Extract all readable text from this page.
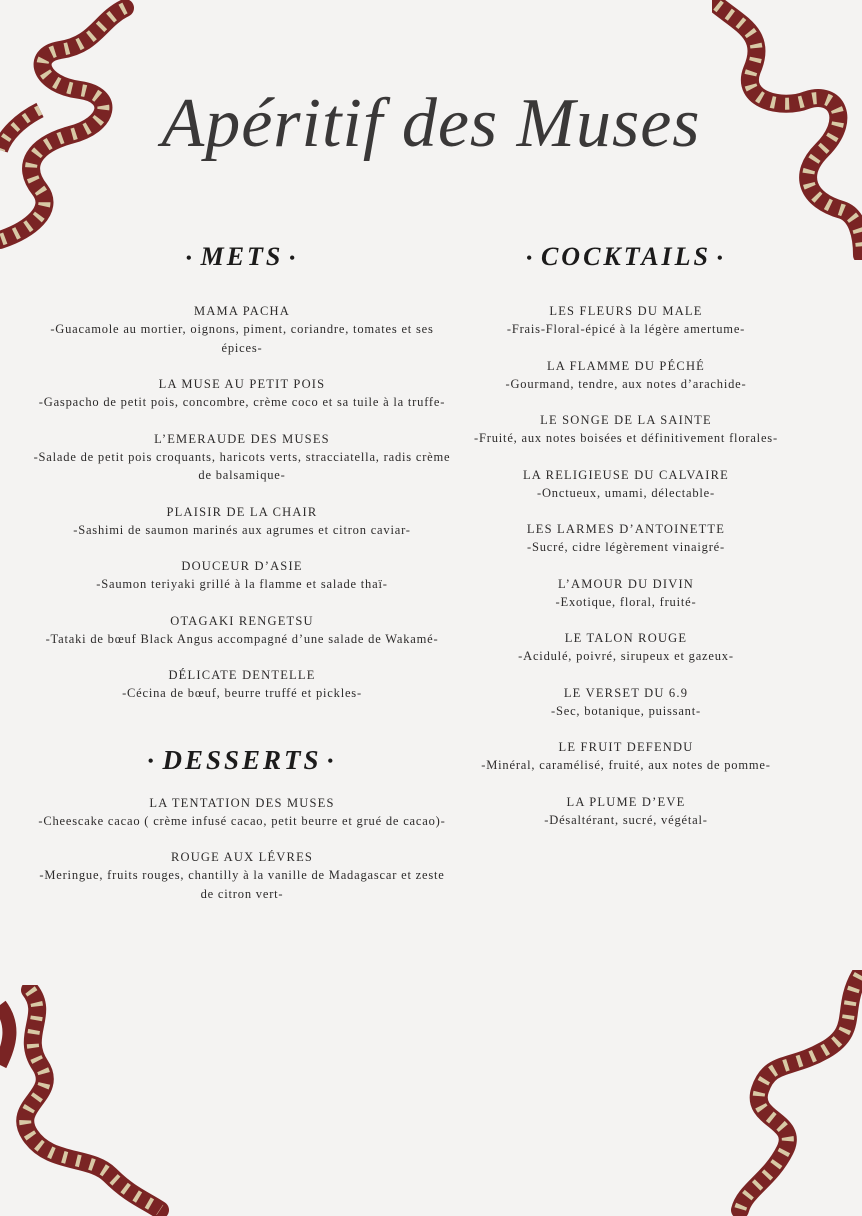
Apéritif des Muses
• METS •
MAMA PACHA
-Guacamole au mortier, oignons, piment, coriandre, tomates et ses épices-
LA MUSE AU PETIT POIS
-Gaspacho de petit pois, concombre, crème coco et sa tuile à la truffe-
L’EMERAUDE DES MUSES
-Salade de petit pois croquants, haricots verts, stracciatella, radis crème de balsamique-
PLAISIR DE LA CHAIR
-Sashimi de saumon marinés aux agrumes et citron caviar-
DOUCEUR D’ASIE
-Saumon teriyaki grillé à la flamme et salade thaï-
OTAGAKI RENGETSU
-Tataki de bœuf Black Angus accompagné d’une salade de Wakamé-
DÉLICATE DENTELLE
-Cécina de bœuf, beurre truffé et pickles-
• DESSERTS •
LA TENTATION DES MUSES
-Cheescake cacao ( crème infusé cacao, petit beurre et grué de cacao)-
ROUGE AUX LÉVRES
-Meringue, fruits rouges, chantilly à la vanille de Madagascar et zeste de citron vert-
• COCKTAILS •
LES FLEURS DU MALE
-Frais-Floral-épicé à la légère amertume-
LA FLAMME DU PÉCHÉ
-Gourmand, tendre, aux notes d’arachide-
LE SONGE DE LA SAINTE
-Fruité, aux notes boisées et définitivement florales-
LA RELIGIEUSE DU CALVAIRE
-Onctueux, umami, délectable-
LES LARMES D’ANTOINETTE
-Sucré, cidre légèrement vinaigré-
L’AMOUR DU DIVIN
-Exotique, floral, fruité-
LE TALON ROUGE
-Acidulé, poivré, sirupeux et gazeux-
LE VERSET DU 6.9
-Sec, botanique, puissant-
LE FRUIT DEFENDU
-Minéral, caramélisé, fruité, aux notes de pomme-
LA PLUME D’EVE
-Désaltérant, sucré, végétal-
